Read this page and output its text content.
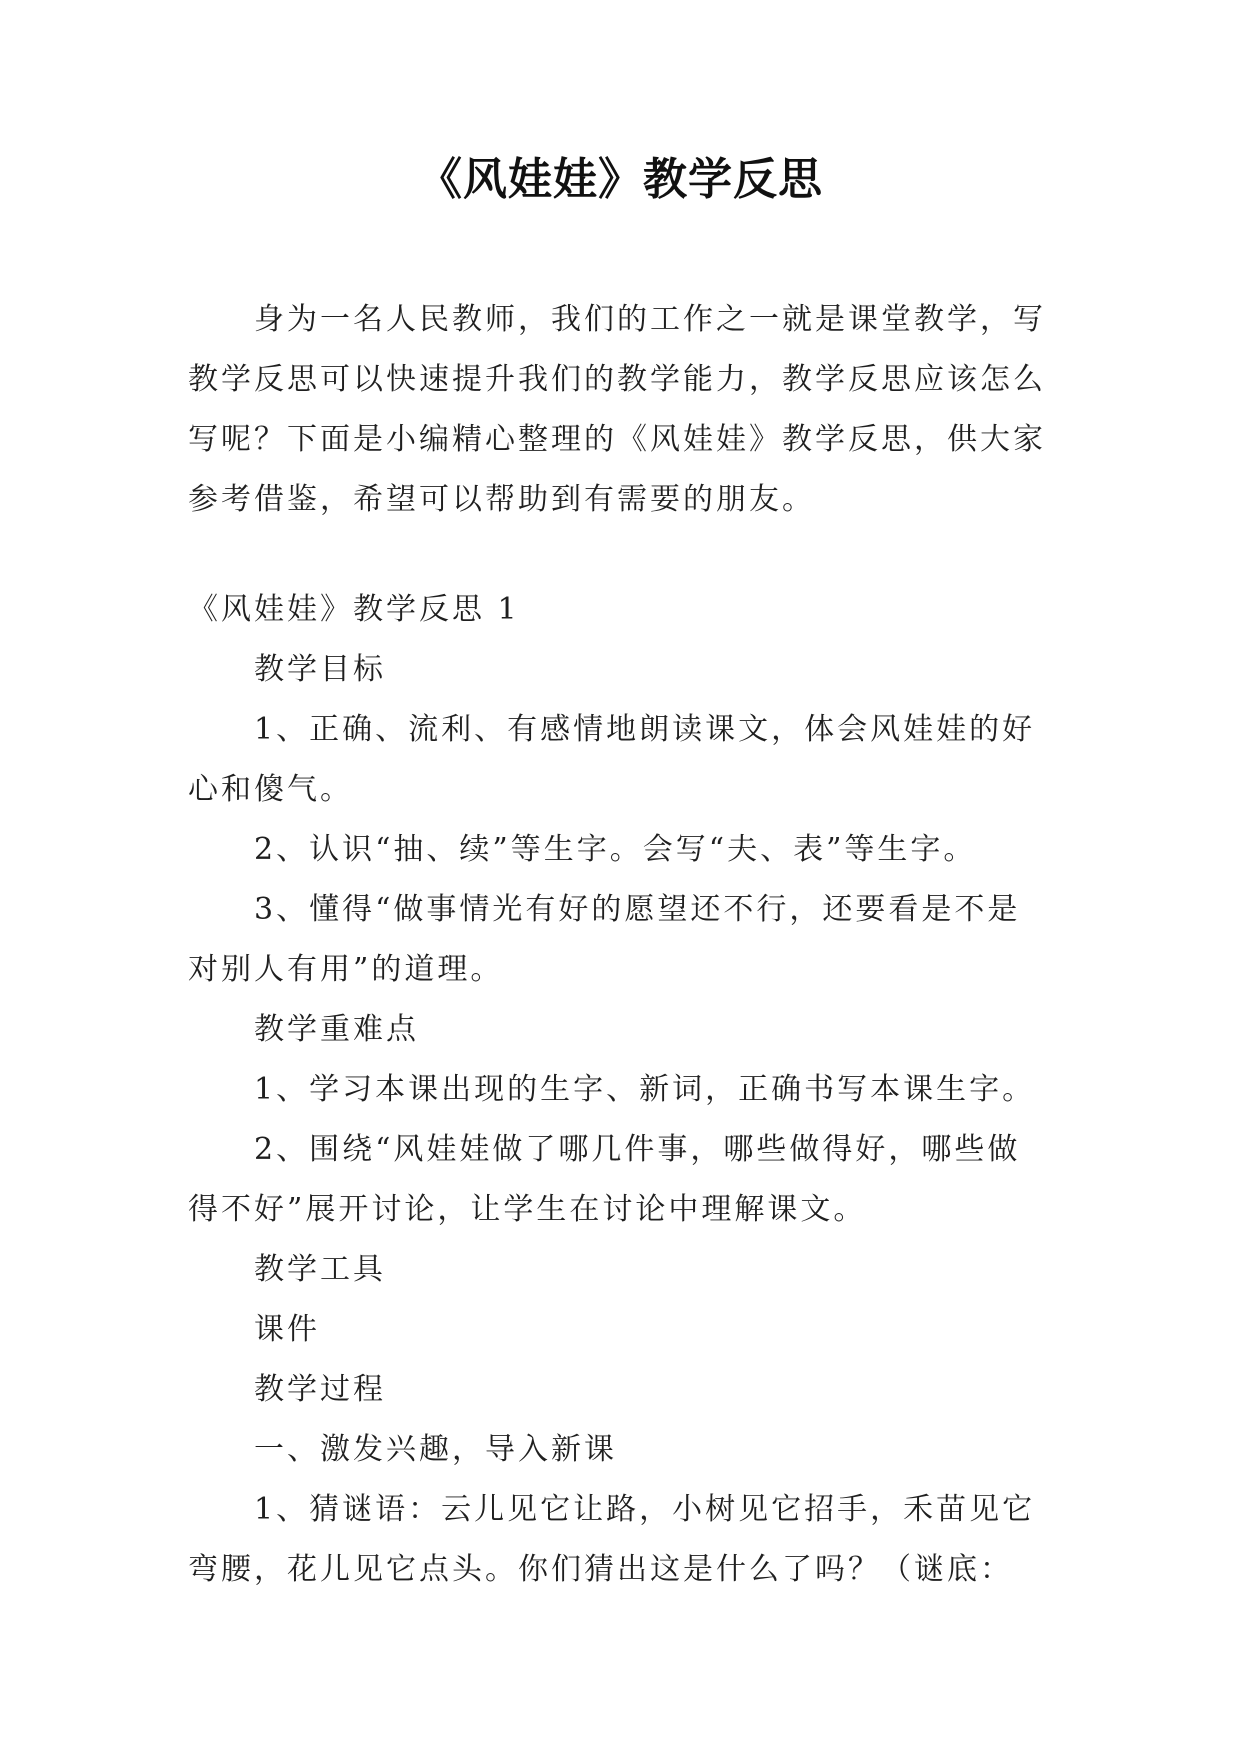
《风娃娃》教学反思
身为一名人民教师，我们的工作之一就是课堂教学，写
教学反思可以快速提升我们的教学能力，教学反思应该怎么
写呢？下面是小编精心整理的《风娃娃》教学反思，供大家
参考借鉴，希望可以帮助到有需要的朋友。
《风娃娃》教学反思 1
教学目标
1、正确、流利、有感情地朗读课文，体会风娃娃的好
心和傻气。
2、认识“抽、续”等生字。会写“夫、表”等生字。
3、懂得“做事情光有好的愿望还不行，还要看是不是
对别人有用”的道理。
教学重难点
1、学习本课出现的生字、新词，正确书写本课生字。
2、围绕“风娃娃做了哪几件事，哪些做得好，哪些做
得不好”展开讨论，让学生在讨论中理解课文。
教学工具
课件
教学过程
一、激发兴趣，导入新课
1、猜谜语：云儿见它让路，小树见它招手，禾苗见它
弯腰，花儿见它点头。你们猜出这是什么了吗？（谜底：
